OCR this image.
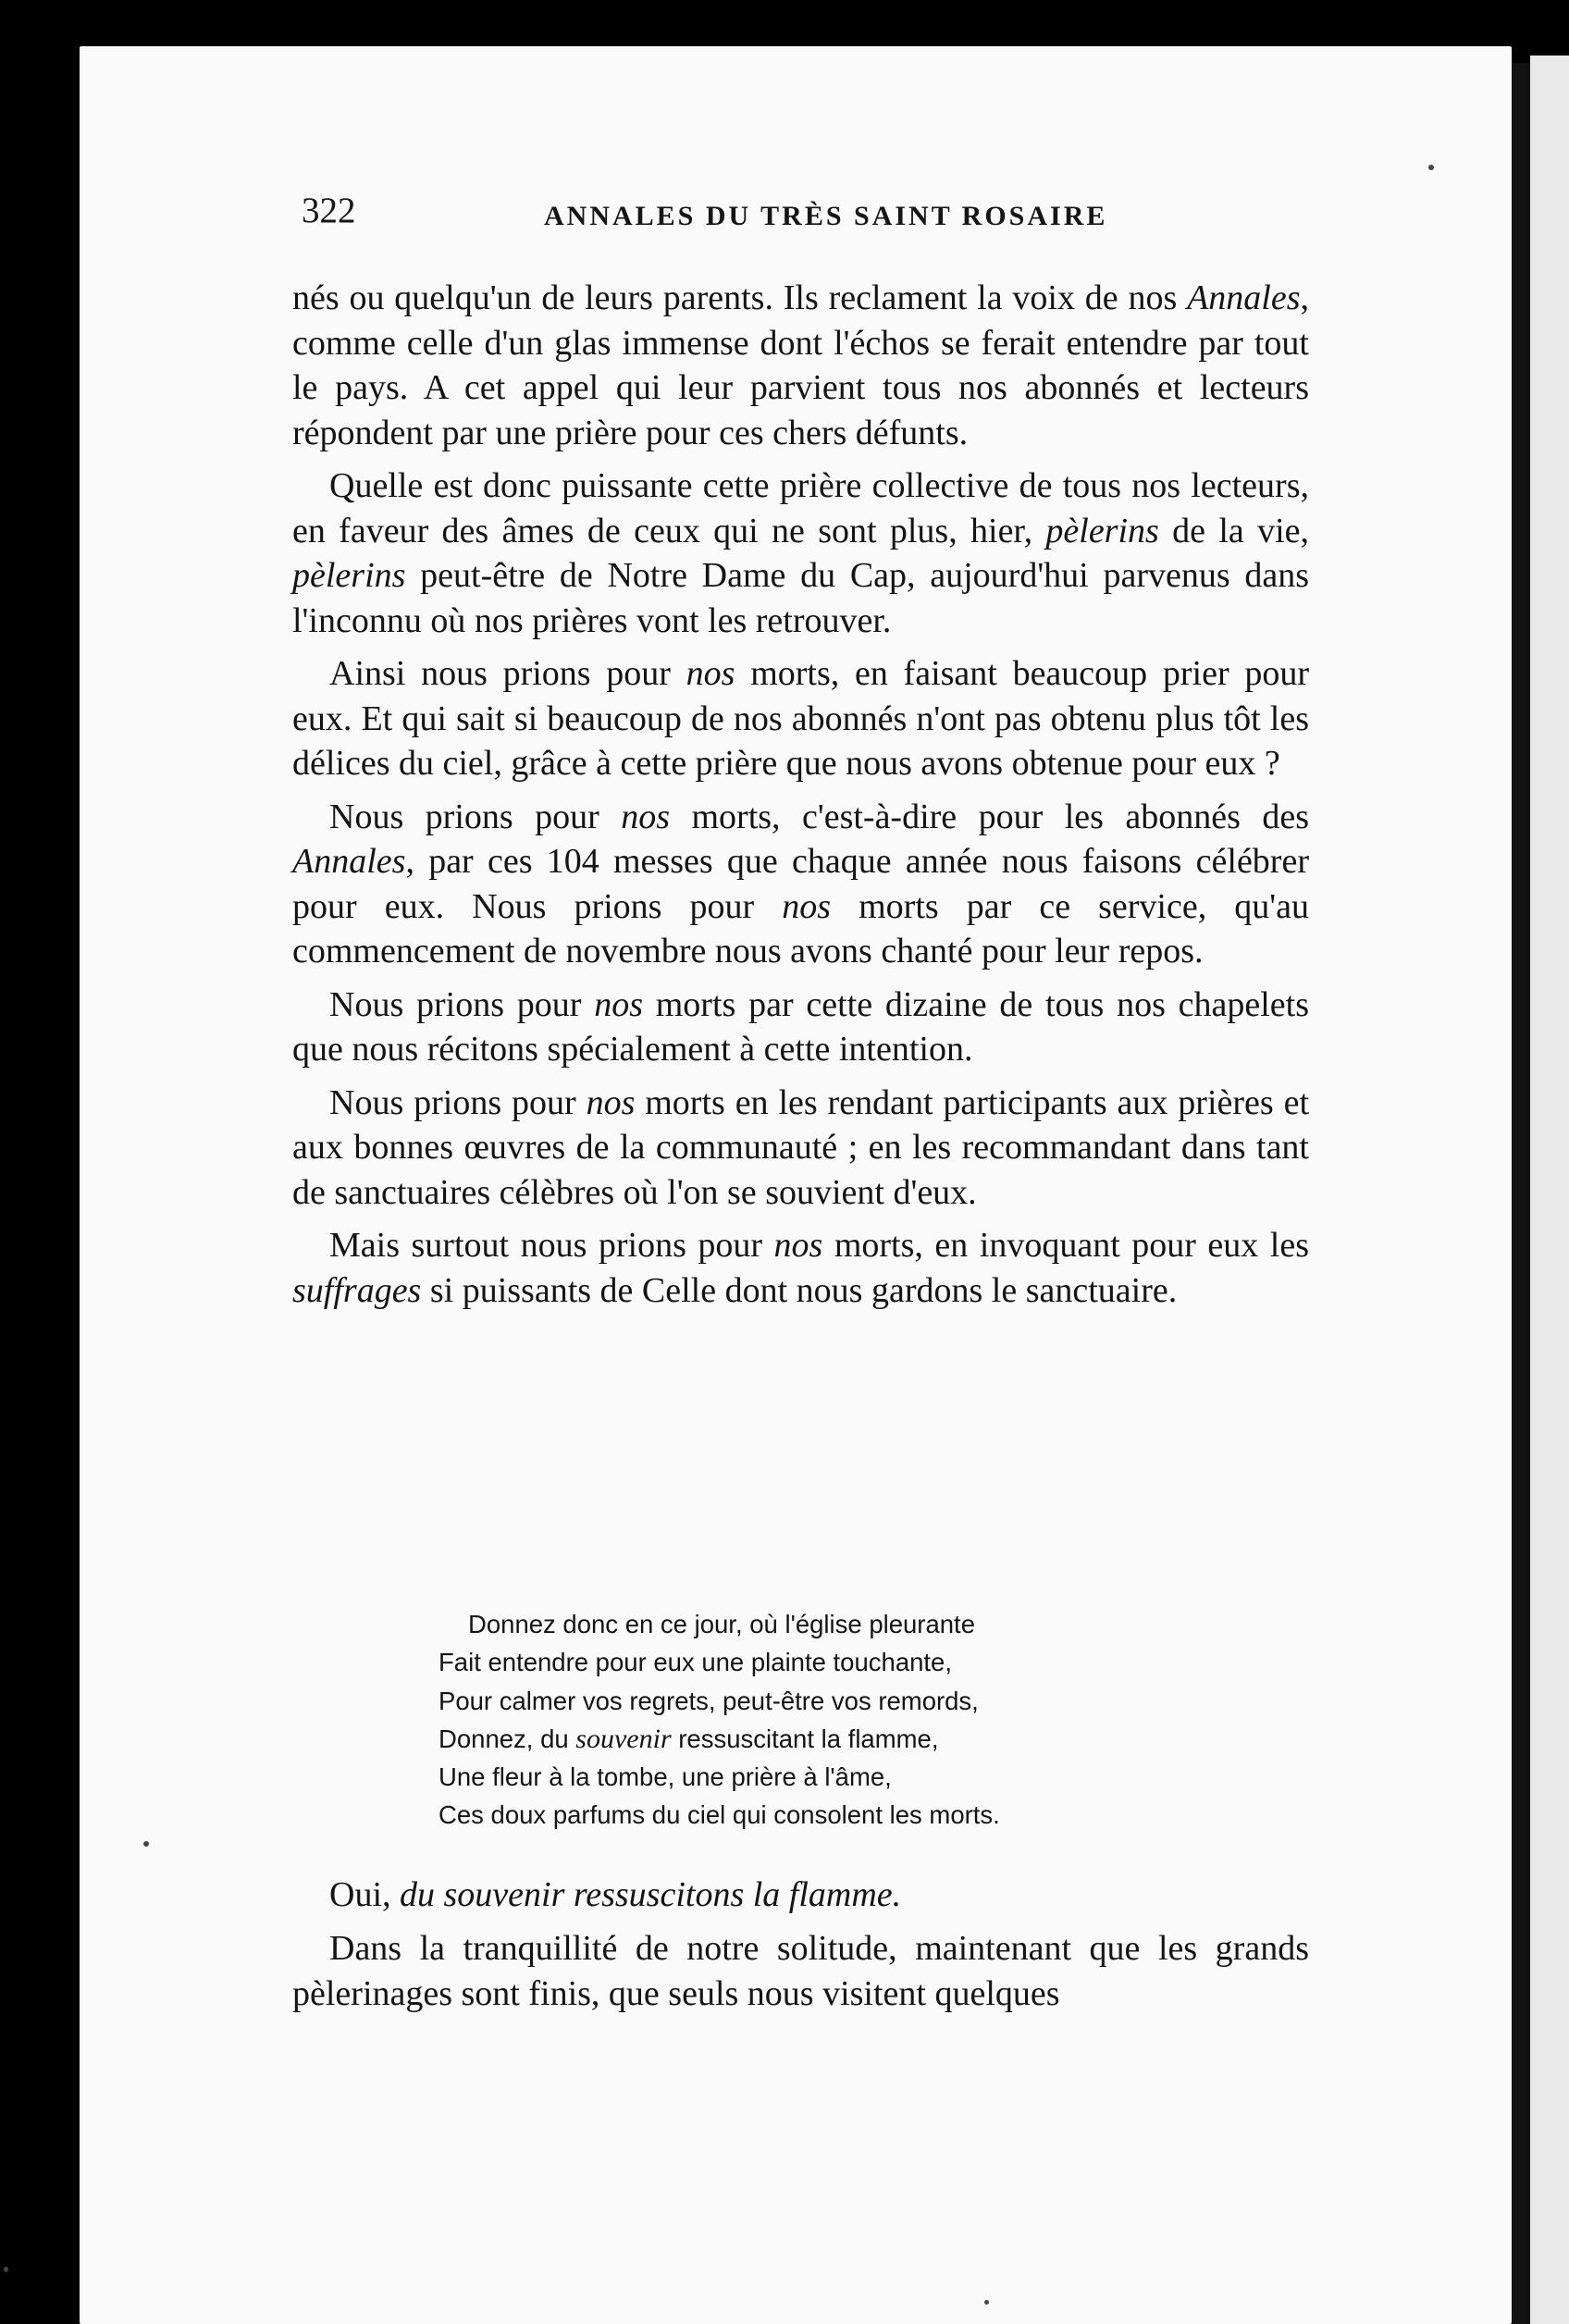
322	ANNALES DU TRÈS SAINT ROSAIRE

nés ou quelqu'un de leurs parents. Ils reclament la voix de nos Annales, comme celle d'un glas immense dont l'échos se ferait entendre par tout le pays. A cet appel qui leur parvient tous nos abonnés et lecteurs répondent par une prière pour ces chers défunts.

Quelle est donc puissante cette prière collective de tous nos lecteurs, en faveur des âmes de ceux qui ne sont plus, hier, pèlerins de la vie, pèlerins peut-être de Notre Dame du Cap, aujourd'hui parvenus dans l'inconnu où nos prières vont les retrouver.

Ainsi nous prions pour nos morts, en faisant beaucoup prier pour eux. Et qui sait si beaucoup de nos abonnés n'ont pas obtenu plus tôt les délices du ciel, grâce à cette prière que nous avons obtenue pour eux ?

Nous prions pour nos morts, c'est-à-dire pour les abonnés des Annales, par ces 104 messes que chaque année nous faisons célébrer pour eux. Nous prions pour nos morts par ce service, qu'au commencement de novembre nous avons chanté pour leur repos.

Nous prions pour nos morts par cette dizaine de tous nos chapelets que nous récitons spécialement à cette intention.

Nous prions pour nos morts en les rendant participants aux prières et aux bonnes œuvres de la communauté ; en les recommandant dans tant de sanctuaires célèbres où l'on se souvient d'eux.

Mais surtout nous prions pour nos morts, en invoquant pour eux les suffrages si puissants de Celle dont nous gardons le sanctuaire.

Donnez donc en ce jour, où l'église pleurante
Fait entendre pour eux une plainte touchante,
Pour calmer vos regrets, peut-être vos remords,
Donnez, du souvenir ressuscitant la flamme,
Une fleur à la tombe, une prière à l'âme,
Ces doux parfums du ciel qui consolent les morts.
Oui, du souvenir ressuscitons la flamme.
Dans la tranquillité de notre solitude, maintenant que les grands pèlerinages sont finis, que seuls nous visitent quelques
